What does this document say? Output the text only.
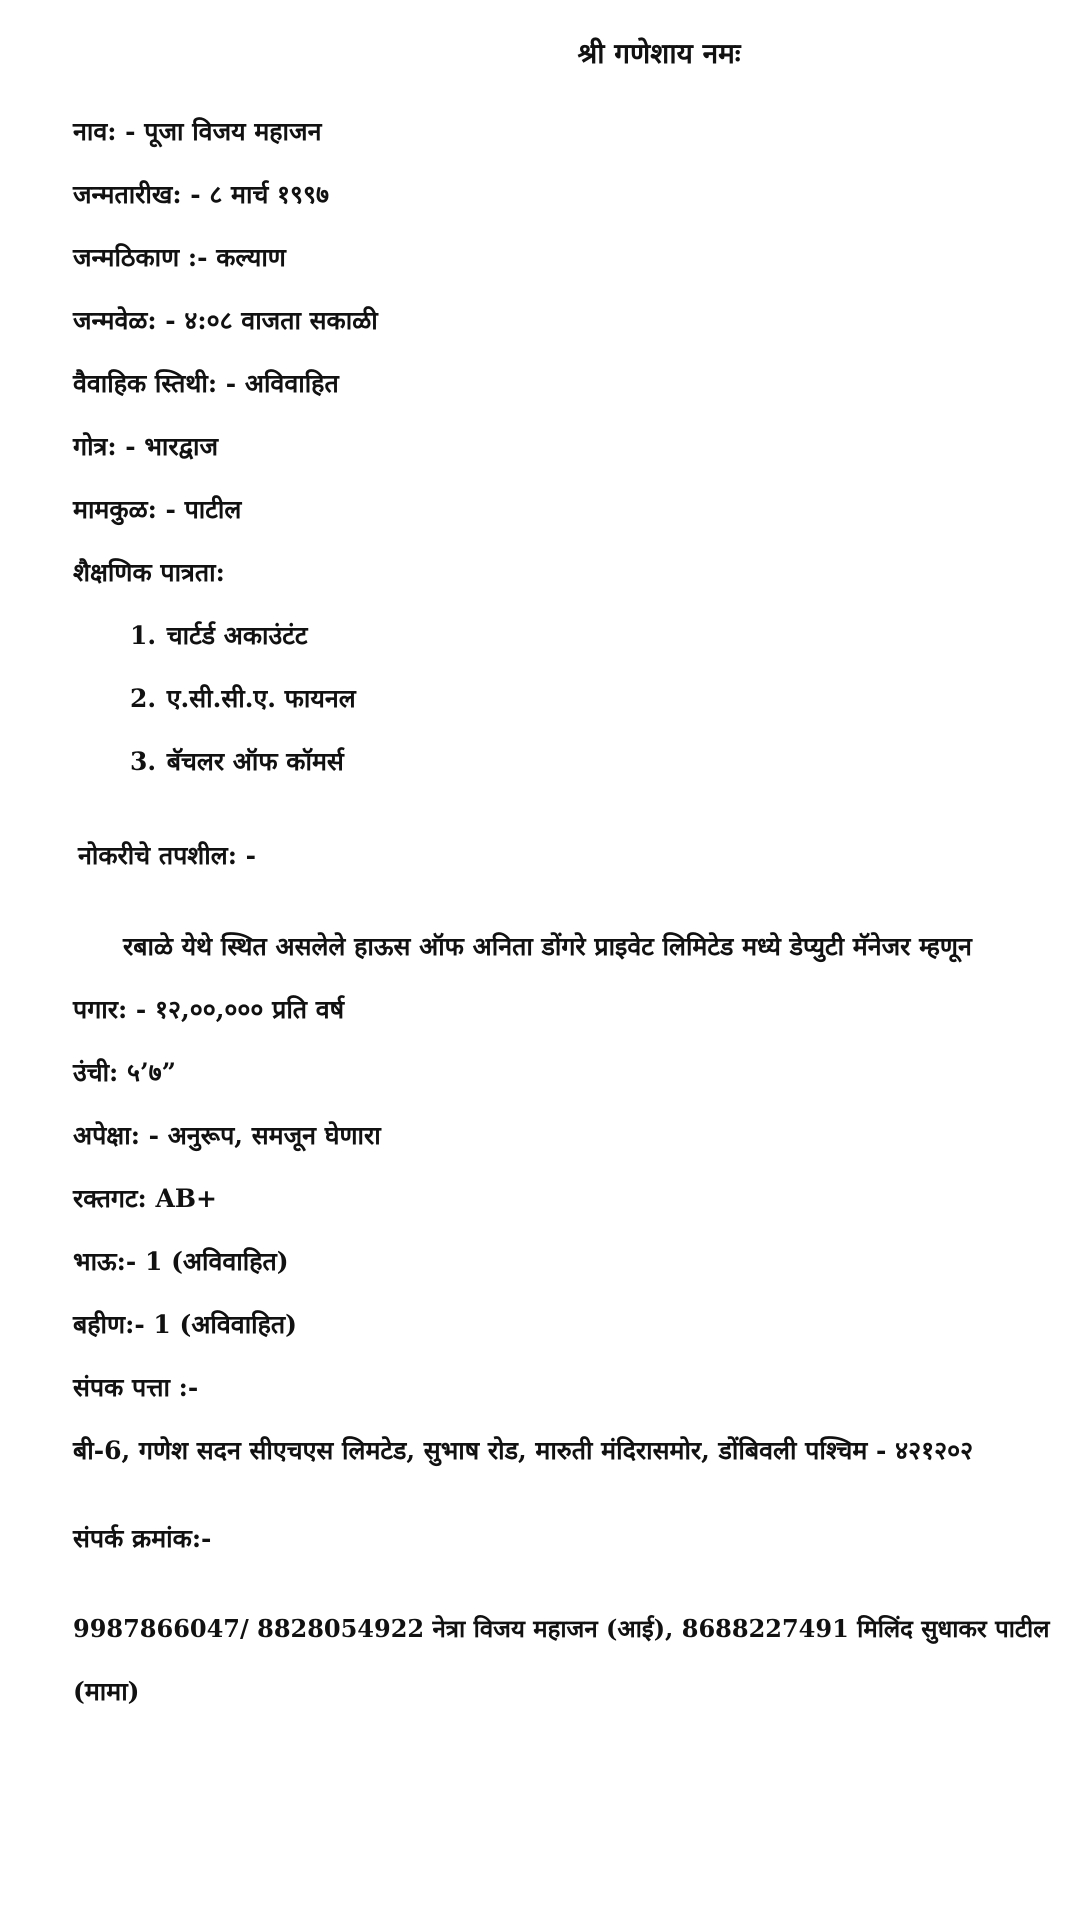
श्री गणेशाय नमः
नाव: - पूजा विजय महाजन
जन्मतारीख: - ८ मार्च १९९७
जन्मठिकाण :- कल्याण
जन्मवेळ: - ४:०८ वाजता सकाळी
वैवाहिक स्तिथी: - अविवाहित
गोत्र: - भारद्वाज
मामकुळ: - पाटील
शैक्षणिक पात्रता:
1. चार्टर्ड अकाउंटंट
2. ए.सी.सी.ए. फायनल
3. बॅचलर ऑफ कॉमर्स
नोकरीचे तपशील: -
रबाळे येथे स्थित असलेले हाऊस ऑफ अनिता डोंगरे प्राइवेट लिमिटेड मध्ये डेप्युटी मॅनेजर म्हणून
पगार: - १२,००,००० प्रति वर्ष
उंची: ५’७”
अपेक्षा: - अनुरूप, समजून घेणारा
रक्तगट: AB+
भाऊ:- 1 (अविवाहित)
बहीण:- 1 (अविवाहित)
संपक पत्ता :-
बी-6, गणेश सदन सीएचएस लिमटेड, सुभाष रोड, मारुती मंदिरासमोर, डोंबिवली पश्चिम - ४२१२०२
संपर्क क्रमांक:-
9987866047/ 8828054922 नेत्रा विजय महाजन (आई), 8688227491 मिलिंद सुधाकर पाटील
(मामा)
